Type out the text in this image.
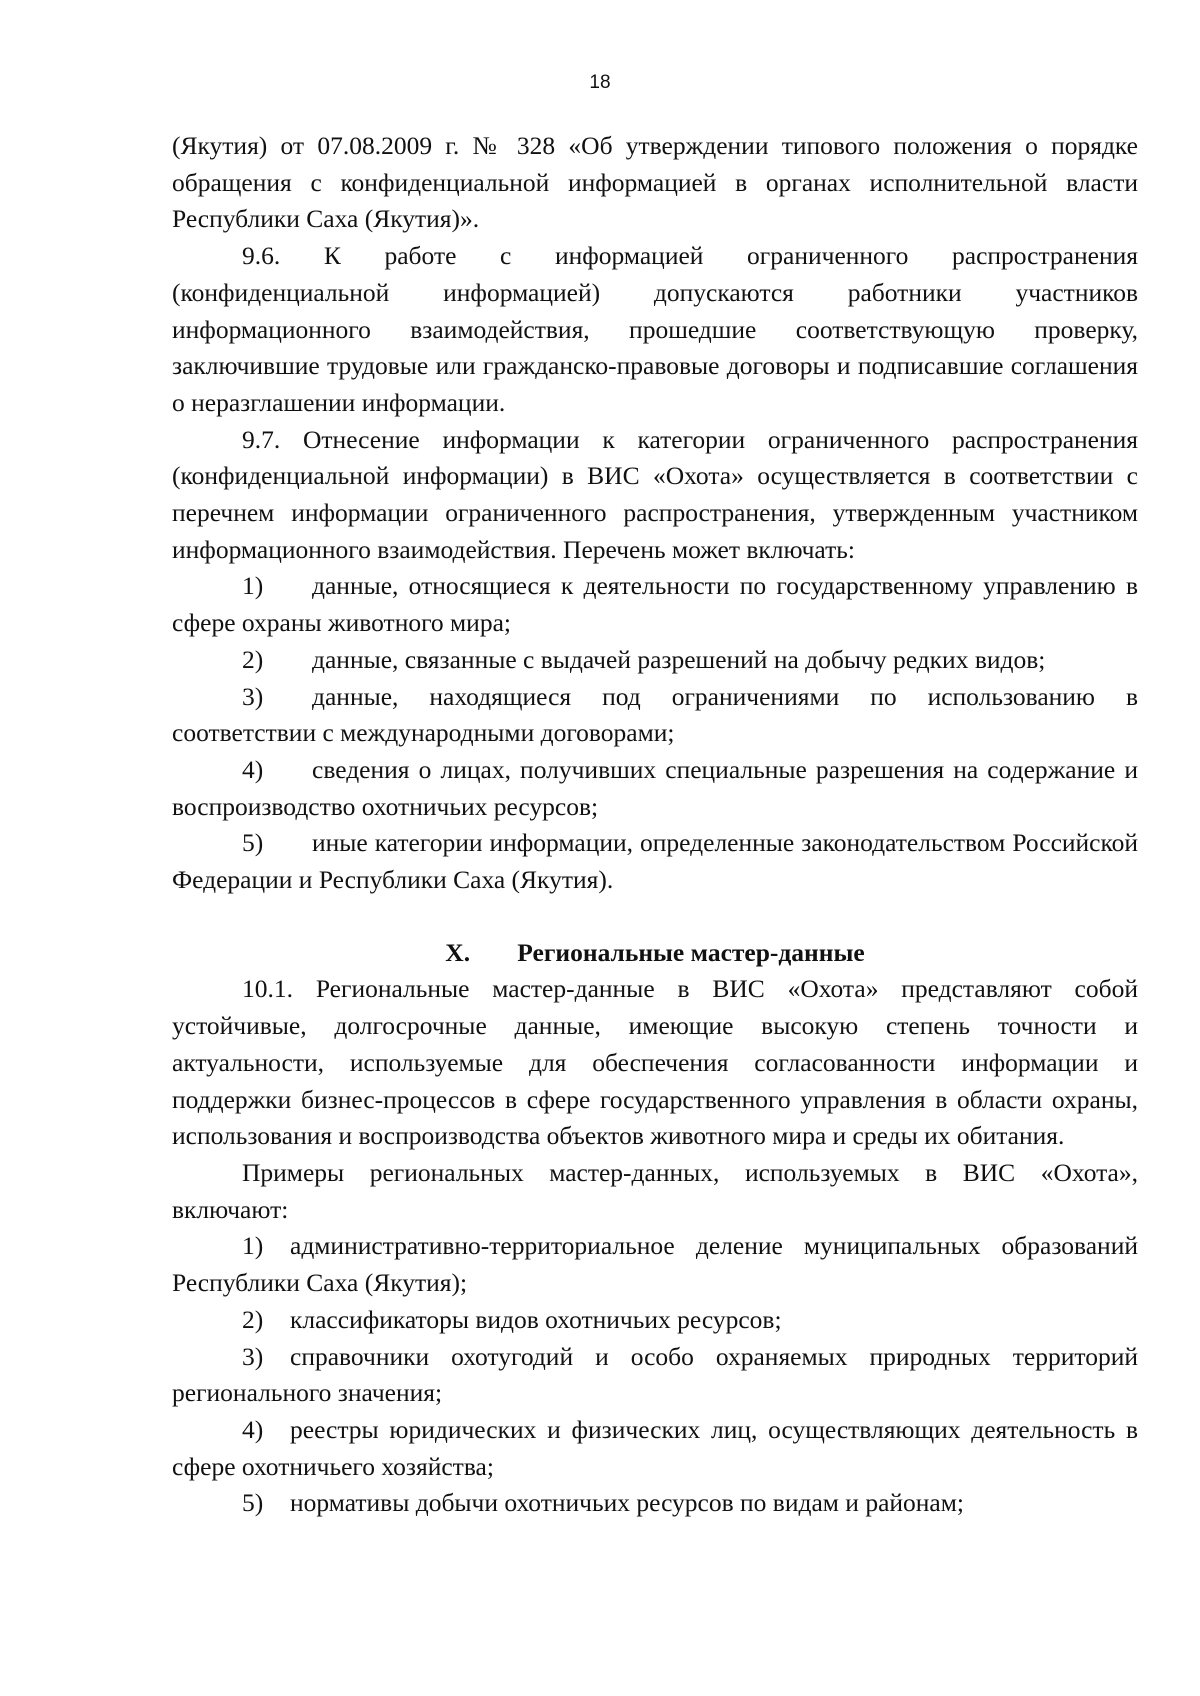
18

(Якутия) от 07.08.2009 г. № 328 «Об утверждении типового положения о порядке обращения с конфиденциальной информацией в органах исполнительной власти Республики Саха (Якутия)».

9.6. К работе с информацией ограниченного распространения (конфиденциальной информацией) допускаются работники участников информационного взаимодействия, прошедшие соответствующую проверку, заключившие трудовые или гражданско-правовые договоры и подписавшие соглашения о неразглашении информации.

9.7. Отнесение информации к категории ограниченного распространения (конфиденциальной информации) в ВИС «Охота» осуществляется в соответствии с перечнем информации ограниченного распространения, утвержденным участником информационного взаимодействия. Перечень может включать:

1) данные, относящиеся к деятельности по государственному управлению в сфере охраны животного мира;

2) данные, связанные с выдачей разрешений на добычу редких видов;

3) данные, находящиеся под ограничениями по использованию в соответствии с международными договорами;

4) сведения о лицах, получивших специальные разрешения на содержание и воспроизводство охотничьих ресурсов;

5) иные категории информации, определенные законодательством Российской Федерации и Республики Саха (Якутия).

X. Региональные мастер-данные

10.1. Региональные мастер-данные в ВИС «Охота» представляют собой устойчивые, долгосрочные данные, имеющие высокую степень точности и актуальности, используемые для обеспечения согласованности информации и поддержки бизнес-процессов в сфере государственного управления в области охраны, использования и воспроизводства объектов животного мира и среды их обитания.

Примеры региональных мастер-данных, используемых в ВИС «Охота», включают:

1) административно-территориальное деление муниципальных образований Республики Саха (Якутия);

2) классификаторы видов охотничьих ресурсов;

3) справочники охотугодий и особо охраняемых природных территорий регионального значения;

4) реестры юридических и физических лиц, осуществляющих деятельность в сфере охотничьего хозяйства;

5) нормативы добычи охотничьих ресурсов по видам и районам;
